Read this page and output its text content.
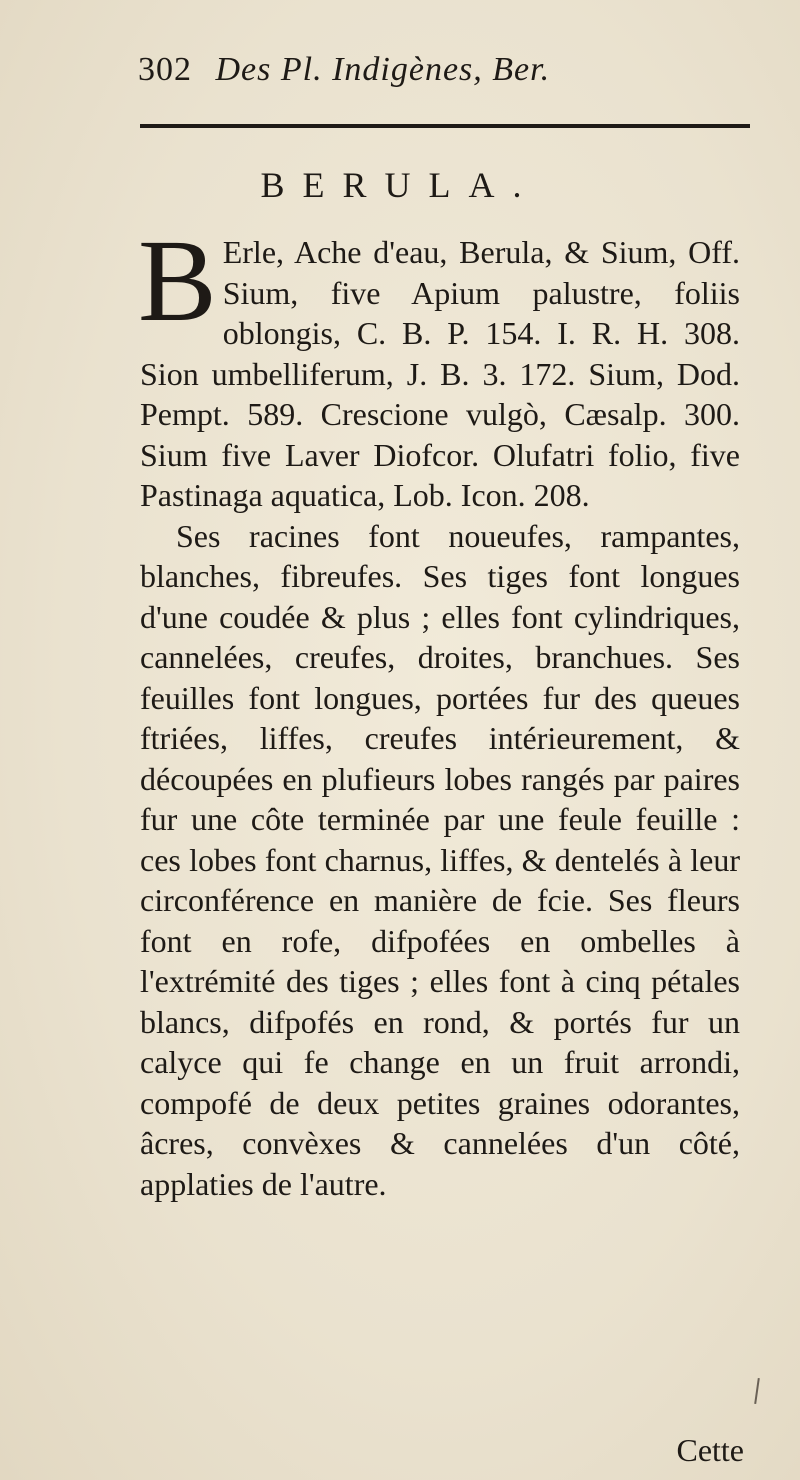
302 Des Pl. Indigènes, Ber.
BERULA.

B Erle, Ache d'eau, Berula, & Sium, Off. Sium, five Apium palustre, foliis oblongis, C. B. P. 154. I. R. H. 308. Sion umbelliferum, J. B. 3. 172. Sium, Dod. Pempt. 589. Crescione vulgò, Cæsalp. 300. Sium five Laver Diofcor. Olufatri folio, five Pastinaga aquatica, Lob. Icon. 208.

Ses racines font noueufes, rampantes, blanches, fibreufes. Ses tiges font longues d'une coudée & plus ; elles font cylindriques, cannelées, creufes, droites, branchues. Ses feuilles font longues, portées fur des queues ftriées, liffes, creufes intérieurement, & découpées en plufieurs lobes rangés par paires fur une côte terminée par une feule feuille : ces lobes font charnus, liffes, & dentelés à leur circonférence en manière de fcie. Ses fleurs font en rofe, difpofées en ombelles à l'extrémité des tiges ; elles font à cinq pétales blancs, difpofés en rond, & portés fur un calyce qui fe change en un fruit arrondi, compofé de deux petites graines odorantes, âcres, convèxes & cannelées d'un côté, applaties de l'autre.

Cette
